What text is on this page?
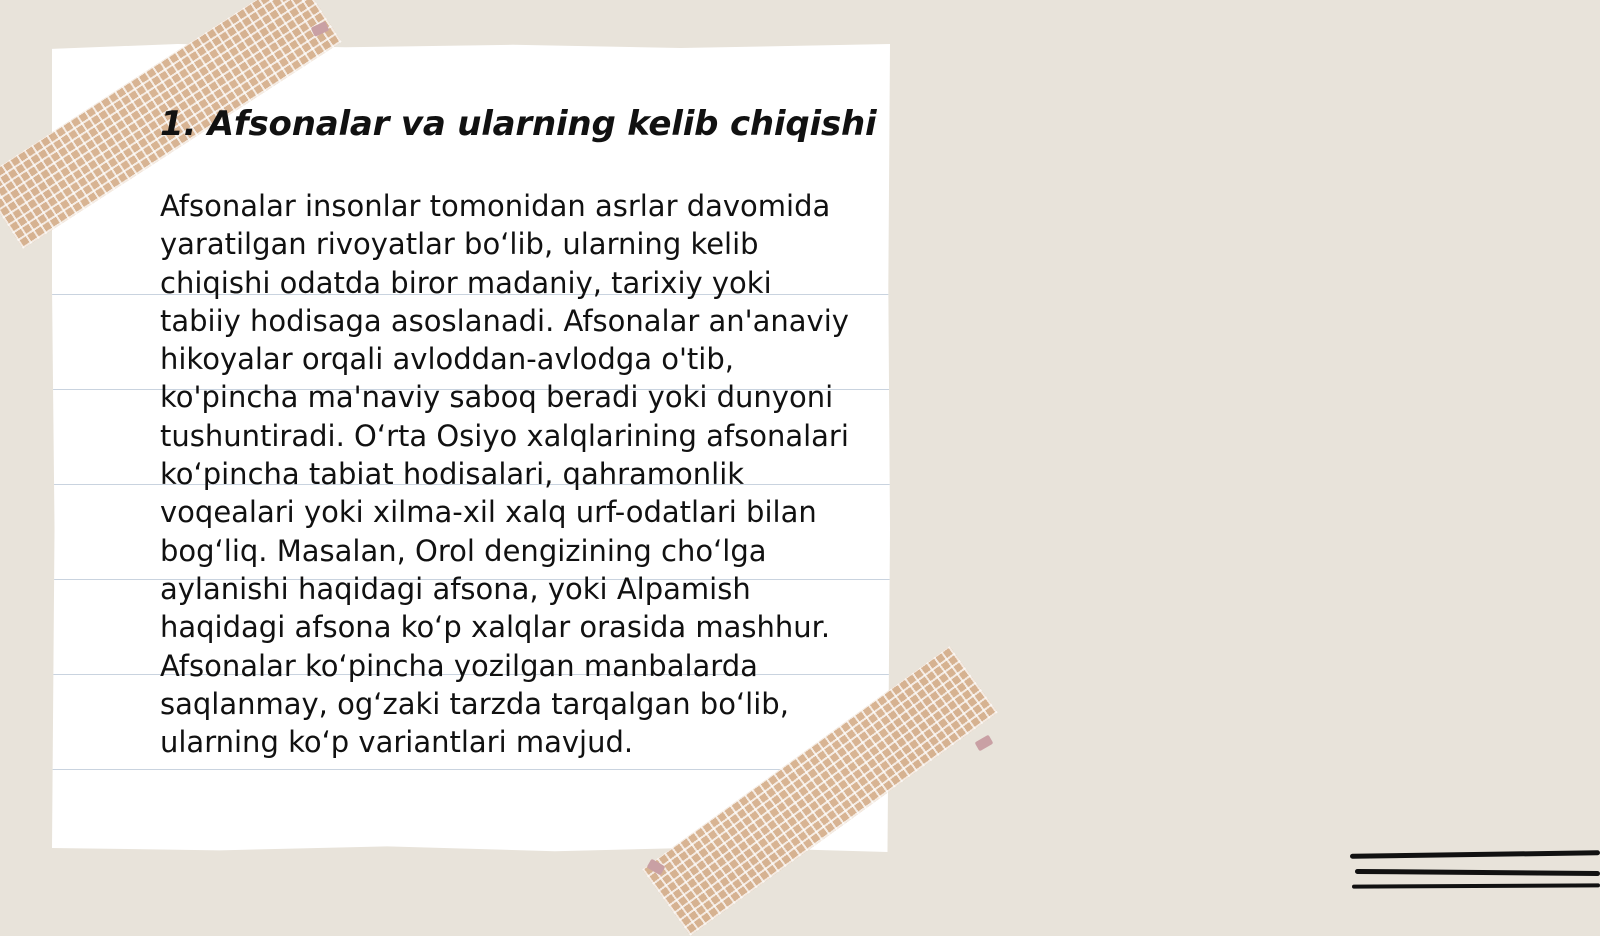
1. Afsonalar va ularning kelib chiqishi

Afsonalar insonlar tomonidan asrlar davomida yaratilgan rivoyatlar bo‘lib, ularning kelib chiqishi odatda biror madaniy, tarixiy yoki tabiiy hodisaga asoslanadi. Afsonalar an'anaviy hikoyalar orqali avloddan-avlodga o'tib, ko'pincha ma'naviy saboq beradi yoki dunyoni tushuntiradi. O‘rta Osiyo xalqlarining afsonalari ko‘pincha tabiat hodisalari, qahramonlik voqealari yoki xilma-xil xalq urf-odatlari bilan bog‘liq. Masalan, Orol dengizining cho‘lga aylanishi haqidagi afsona, yoki Alpamish haqidagi afsona ko‘p xalqlar orasida mashhur. Afsonalar ko‘pincha yozilgan manbalarda saqlanmay, og‘zaki tarzda tarqalgan bo‘lib, ularning ko‘p variantlari mavjud.
